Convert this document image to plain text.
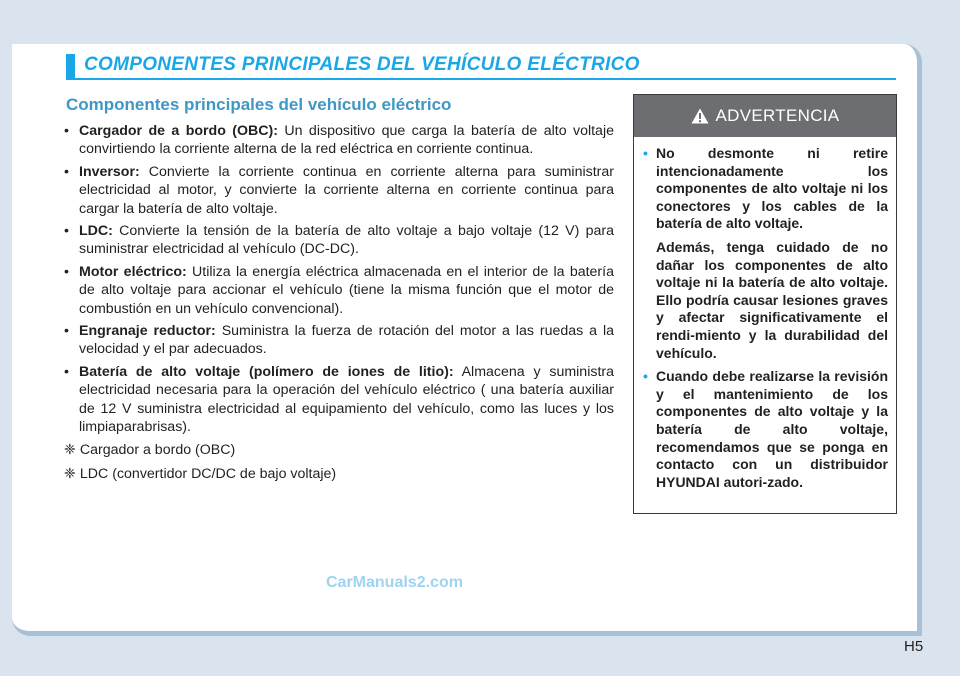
COMPONENTES PRINCIPALES DEL VEHÍCULO ELÉCTRICO
Componentes principales del vehículo eléctrico
• Cargador de a bordo (OBC): Un dispositivo que carga la batería de alto voltaje convirtiendo la corriente alterna de la red eléctrica en corriente continua.
• Inversor: Convierte la corriente continua en corriente alterna para suministrar electricidad al motor, y convierte la corriente alterna en corriente continua para cargar la batería de alto voltaje.
• LDC: Convierte la tensión de la batería de alto voltaje a bajo voltaje (12 V) para suministrar electricidad al vehículo (DC-DC).
• Motor eléctrico: Utiliza la energía eléctrica almacenada en el interior de la batería de alto voltaje para accionar el vehículo (tiene la misma función que el motor de combustión en un vehículo convencional).
• Engranaje reductor: Suministra la fuerza de rotación del motor a las ruedas a la velocidad y el par adecuados.
• Batería de alto voltaje (polímero de iones de litio): Almacena y suministra electricidad necesaria para la operación del vehículo eléctrico ( una batería auxiliar de 12 V suministra electricidad al equipamiento del vehículo, como las luces y los limpiaparabrisas).
❈ Cargador a bordo (OBC)
❈ LDC (convertidor DC/DC de bajo voltaje)
ADVERTENCIA
• No desmonte ni retire intencionadamente los componentes de alto voltaje ni los conectores y los cables de la batería de alto voltaje.
Además, tenga cuidado de no dañar los componentes de alto voltaje ni la batería de alto voltaje. Ello podría causar lesiones graves y afectar significativamente el rendi-miento y la durabilidad del vehículo.
• Cuando debe realizarse la revisión y el mantenimiento de los componentes de alto voltaje y la batería de alto voltaje, recomendamos que se ponga en contacto con un distribuidor HYUNDAI autori-zado.
CarManuals2.com
H5
